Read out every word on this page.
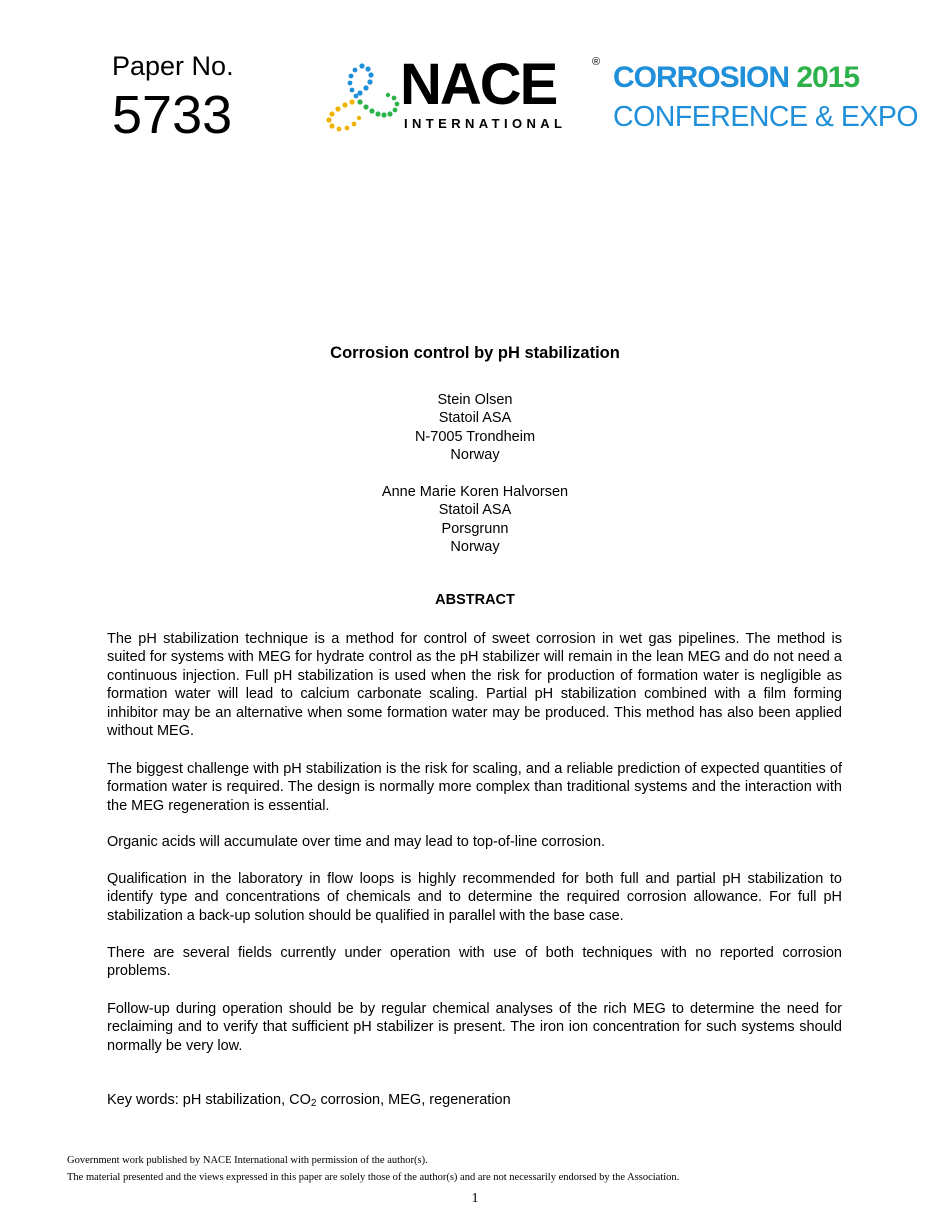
Paper No.
5733	NACE	®
INTERNATIONAL
CORROSION 2015
CONFERENCE & EXPO
Corrosion control by pH stabilization
Stein Olsen
Statoil ASA
N-7005 Trondheim
Norway
Anne Marie Koren Halvorsen
Statoil ASA
Porsgrunn
Norway
ABSTRACT

The pH stabilization technique is a method for control of sweet corrosion in wet gas pipelines. The method is suited for systems with MEG for hydrate control as the pH stabilizer will remain in the lean MEG and do not need a continuous injection. Full pH stabilization is used when the risk for production of formation water is negligible as formation water will lead to calcium carbonate scaling. Partial pH stabilization combined with a film forming inhibitor may be an alternative when some formation water may be produced. This method has also been applied without MEG.

The biggest challenge with pH stabilization is the risk for scaling, and a reliable prediction of expected quantities of formation water is required. The design is normally more complex than traditional systems and the interaction with the MEG regeneration is essential.

Organic acids will accumulate over time and may lead to top-of-line corrosion.

Qualification in the laboratory in flow loops is highly recommended for both full and partial pH stabilization to identify type and concentrations of chemicals and to determine the required corrosion allowance. For full pH stabilization a back-up solution should be qualified in parallel with the base case.

There are several fields currently under operation with use of both techniques with no reported corrosion problems.

Follow-up during operation should be by regular chemical analyses of the rich MEG to determine the need for reclaiming and to verify that sufficient pH stabilizer is present. The iron ion concentration for such systems should normally be very low.

Key words: pH stabilization, $CO_2$ corrosion, MEG, regeneration
Government work published by NACE International with permission of the author(s).
The material presented and the views expressed in this paper are solely those of the author(s) and are not necessarily endorsed by the Association.
1
